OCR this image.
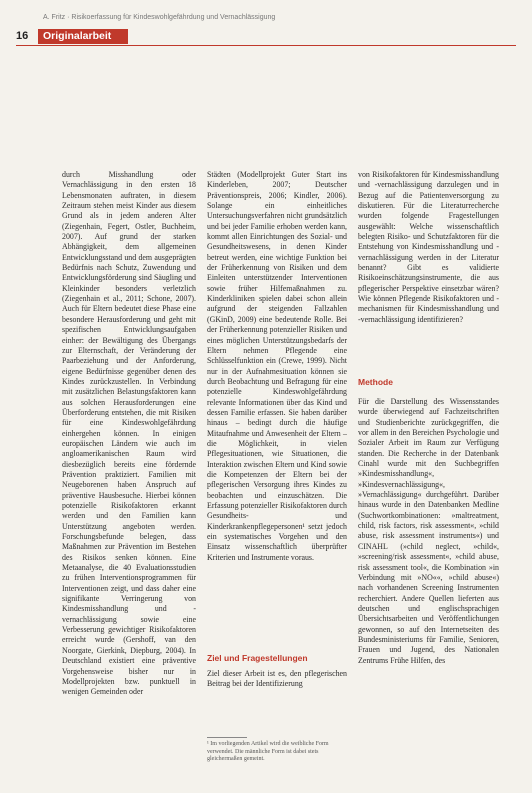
A. Fritz · Risikoerfassung für Kindeswohlgefährdung und Vernachlässigung
16	Originalarbeit

durch Misshandlung oder Vernachlässigung in den ersten 18 Lebensmonaten auftraten, in diesem Zeitraum stehen meist Kinder aus diesem Grund als in jedem anderen Alter (Ziegenhain, Fegert, Ostler, Buchheim, 2007). Auf grund der starken Abhängigkeit, dem allgemeinen Entwicklungsstand und dem ausgeprägten Bedürfnis nach Schutz, Zuwendung und Entwicklungsförderung sind Säugling und Kleinkinder besonders verletzlich (Ziegenhain et al., 2011; Schone, 2007). Auch für Eltern bedeutet diese Phase eine besondere Herausforderung und geht mit spezifischen Entwicklungsaufgaben einher: der Bewältigung des Übergangs zur Elternschaft, der Veränderung der Paarbeziehung und der Anforderung, eigene Bedürfnisse gegenüber denen des Kindes zurückzustellen. In Verbindung mit zusätzlichen Belastungsfaktoren kann aus solchen Herausforderungen eine Überforderung entstehen, die mit Risiken für eine Kindeswohlgefährdung einhergehen können. In einigen europäischen Ländern wie auch im angloamerikanischen Raum wird diesbezüglich bereits eine fördernde Prävention praktiziert. Familien mit Neugeborenen haben Anspruch auf präventive Hausbesuche. Hierbei können potenzielle Risikofaktoren erkannt werden und den Familien kann Unterstützung angeboten werden. Forschungsbefunde belegen, dass Maßnahmen zur Prävention im Bestehen des Risikos senken können. Eine Metaanalyse, die 40 Evaluationsstudien zu frühen Interventionsprogrammen für Interventionen zeigt, und dass daher eine signifikante Verringerung von Kindesmisshandlung und -vernachlässigung sowie eine Verbesserung gewichtiger Risikofaktoren erreicht wurde (Gershoff, van den Noorgate, Gierkink, Diepburg, 2004). In Deutschland existiert eine präventive Vorgehensweise bisher nur in Modellprojekten bzw. punktuell in wenigen Gemeinden oder

Städten (Modellprojekt Guter Start ins Kinderleben, 2007; Deutscher Präventionspreis, 2006; Kindler, 2006). Solange ein einheitliches Untersuchungsverfahren nicht grundsätzlich und bei jeder Familie erhoben werden kann, kommt allen Einrichtungen des Sozial- und Gesundheitswesens, in denen Kinder betreut werden, eine wichtige Funktion bei der Früherkennung von Risiken und dem Einleiten unterstützender Interventionen sowie früher Hilfemaßnahmen zu. Kinderkliniken spielen dabei schon allein aufgrund der steigenden Fallzahlen (GKinD, 2009) eine bedeutende Rolle. Bei der Früherkennung potenzieller Risiken und eines möglichen Unterstützungsbedarfs der Eltern nehmen Pflegende eine Schlüsselfunktion ein (Crewe, 1999). Nicht nur in der Aufnahmesituation können sie durch Beobachtung und Befragung für eine potenzielle Kindeswohlgefährdung relevante Informationen über das Kind und dessen Familie erfassen. Sie haben darüber hinaus – bedingt durch die häufige Mitaufnahme und Anwesenheit der Eltern – die Möglichkeit, in vielen Pflegesituationen, wie Situationen, die Interaktion zwischen Eltern und Kind sowie die Kompetenzen der Eltern bei der pflegerischen Versorgung ihres Kindes zu beobachten und einzuschätzen. Die Erfassung potenzieller Risikofaktoren durch Gesundheits- und Kinderkrankenpflegepersonen¹ setzt jedoch ein systematisches Vorgehen und den Einsatz wissenschaftlich überprüfter Kriterien und Instrumente voraus.

Ziel und Fragestellungen

Ziel dieser Arbeit ist es, den pflegerischen Beitrag bei der Identifizierung

¹ Im vorliegenden Artikel wird die weibliche Form verwendet. Die männliche Form ist dabei stets gleichermaßen gemeint.

von Risikofaktoren für Kindesmisshandlung und -vernachlässigung darzulegen und in Bezug auf die Patientenversorgung zu diskutieren. Für die Literaturrecherche wurden folgende Fragestellungen ausgewählt: Welche wissenschaftlich belegten Risiko- und Schutzfaktoren für die Entstehung von Kindesmisshandlung und -vernachlässigung werden in der Literatur benannt? Gibt es validierte Risikoeinschätzungsinstrumente, die aus pflegerischer Perspektive einsetzbar wären? Wie können Pflegende Risikofaktoren und -mechanismen für Kindesmisshandlung und -vernachlässigung identifizieren?

Methode

Für die Darstellung des Wissensstandes wurde überwiegend auf Fachzeitschriften und Studienberichte zurückgegriffen, die vor allem in den Bereichen Psychologie und Sozialer Arbeit im Raum zur Verfügung standen. Die Recherche in der Datenbank Cinahl wurde mit den Suchbegriffen »Kindesmisshandlung«, »Kindesvernachlässigung«, »Vernachlässigung« durchgeführt. Darüber hinaus wurde in den Datenbanken Medline (Suchwortkombinationen: »maltreatment, child, risk factors, risk assessment«, »child abuse, risk assessment instruments«) und CINAHL (»child neglect, »child«, »screening/risk assessment«, »child abuse, risk assessment tool«, die Kombination »in Verbindung mit »NO««, »child abuse«) nach vorhandenen Screening Instrumenten recherchiert. Andere Quellen lieferten aus deutschen und englischsprachigen Übersichtsarbeiten und Veröffentlichungen gewonnen, so auf den Internetseiten des Bundesministeriums für Familie, Senioren, Frauen und Jugend, des Nationalen Zentrums Frühe Hilfen, des
